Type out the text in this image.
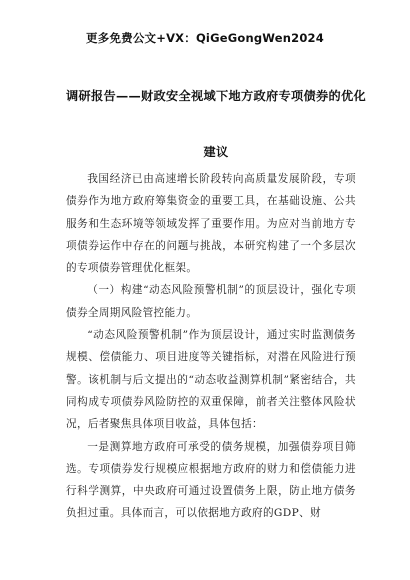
更多免费公文+VX：QiGeGongWen2024
调研报告——财政安全视域下地方政府专项债券的优化建议

我国经济已由高速增长阶段转向高质量发展阶段，专项债券作为地方政府筹集资金的重要工具，在基础设施、公共服务和生态环境等领域发挥了重要作用。为应对当前地方专项债券运作中存在的问题与挑战，本研究构建了一个多层次的专项债券管理优化框架。

（一）构建“动态风险预警机制”的顶层设计，强化专项债券全周期风险管控能力。

“动态风险预警机制”作为顶层设计，通过实时监测债务规模、偿债能力、项目进度等关键指标，对潜在风险进行预警。该机制与后文提出的“动态收益测算机制”紧密结合，共同构成专项债券风险防控的双重保障，前者关注整体风险状况，后者聚焦具体项目收益，具体包括：

一是测算地方政府可承受的债务规模，加强债券项目筛选。专项债券发行规模应根据地方政府的财力和偿债能力进行科学测算，中央政府可通过设置债务上限，防止地方债务负担过重。具体而言，可以依据地方政府的GDP、财
